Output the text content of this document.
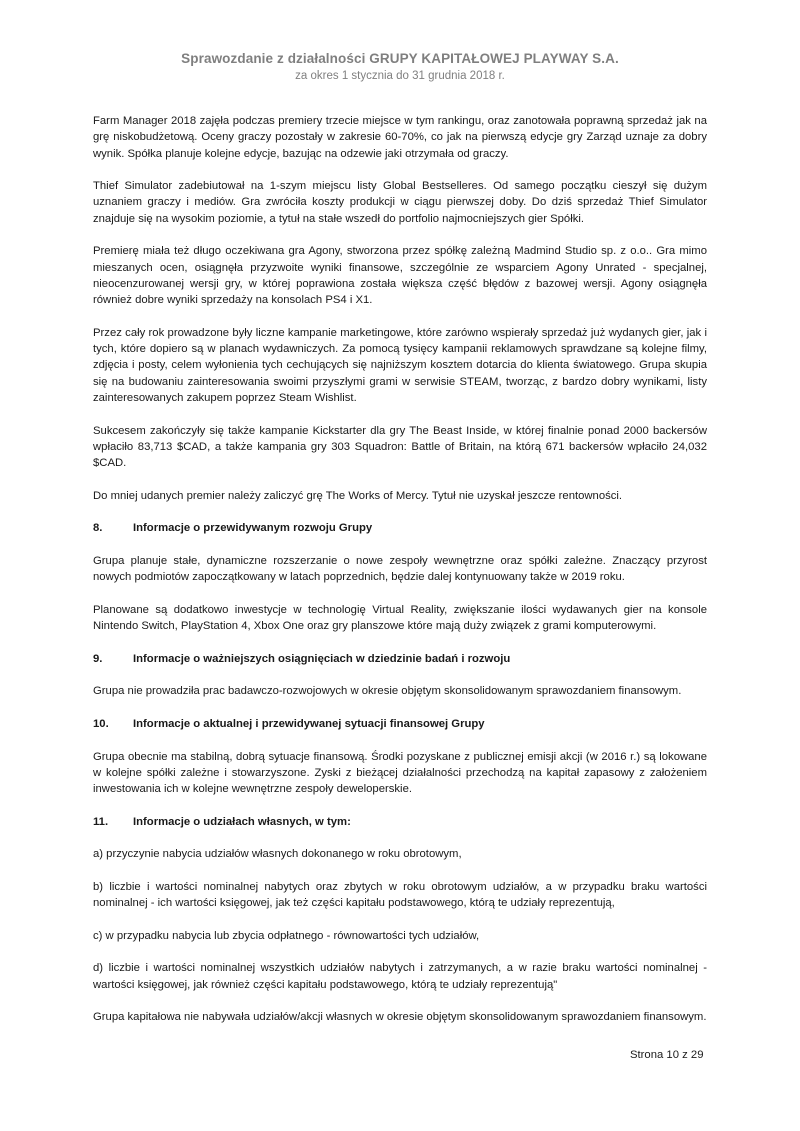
Sprawozdanie z działalności GRUPY KAPITAŁOWEJ PLAYWAY S.A.
za okres 1 stycznia do 31 grudnia 2018 r.

Farm Manager 2018 zajęła podczas premiery trzecie miejsce w tym rankingu, oraz zanotowała poprawną sprzedaż jak na grę niskobudżetową. Oceny graczy pozostały w zakresie 60-70%, co jak na pierwszą edycje gry Zarząd uznaje za dobry wynik. Spółka planuje kolejne edycje, bazując na odzewie jaki otrzymała od graczy.

Thief Simulator zadebiutował na 1-szym miejscu listy Global Bestselleres. Od samego początku cieszył się dużym uznaniem graczy i mediów. Gra zwróciła koszty produkcji w ciągu pierwszej doby. Do dziś sprzedaż Thief Simulator znajduje się na wysokim poziomie, a tytuł na stałe wszedł do portfolio najmocniejszych gier Spółki.

Premierę miała też długo oczekiwana gra Agony, stworzona przez spółkę zależną Madmind Studio sp. z o.o.. Gra mimo mieszanych ocen, osiągnęła przyzwoite wyniki finansowe, szczególnie ze wsparciem Agony Unrated - specjalnej, nieocenzurowanej wersji gry, w której poprawiona została większa część błędów z bazowej wersji. Agony osiągnęła również dobre wyniki sprzedaży na konsolach PS4 i X1.

Przez cały rok prowadzone były liczne kampanie marketingowe, które zarówno wspierały sprzedaż już wydanych gier, jak i tych, które dopiero są w planach wydawniczych. Za pomocą tysięcy kampanii reklamowych sprawdzane są kolejne filmy, zdjęcia i posty, celem wyłonienia tych cechujących się najniższym kosztem dotarcia do klienta światowego. Grupa skupia się na budowaniu zainteresowania swoimi przyszłymi grami w serwisie STEAM, tworząc, z bardzo dobry wynikami, listy zainteresowanych zakupem poprzez Steam Wishlist.

Sukcesem zakończyły się także kampanie Kickstarter dla gry The Beast Inside, w której finalnie ponad 2000 backersów wpłaciło 83,713 $CAD, a także kampania gry 303 Squadron: Battle of Britain, na którą 671 backersów wpłaciło 24,032 $CAD.

Do mniej udanych premier należy zaliczyć grę The Works of Mercy. Tytuł nie uzyskał jeszcze rentowności.

8.	Informacje o przewidywanym rozwoju Grupy

Grupa planuje stałe, dynamiczne rozszerzanie o nowe zespoły wewnętrzne oraz spółki zależne. Znaczący przyrost nowych podmiotów zapoczątkowany w latach poprzednich, będzie dalej kontynuowany także w 2019 roku.

Planowane są dodatkowo inwestycje w technologię Virtual Reality, zwiększanie ilości wydawanych gier na konsole Nintendo Switch, PlayStation 4, Xbox One oraz gry planszowe które mają duży związek z grami komputerowymi.

9.	Informacje o ważniejszych osiągnięciach w dziedzinie badań i rozwoju

Grupa nie prowadziła prac badawczo-rozwojowych w okresie objętym skonsolidowanym sprawozdaniem finansowym.

10.	Informacje o aktualnej i przewidywanej sytuacji finansowej Grupy

Grupa obecnie ma stabilną, dobrą sytuacje finansową. Środki pozyskane z publicznej emisji akcji (w 2016 r.) są lokowane w kolejne spółki zależne i stowarzyszone. Zyski z bieżącej działalności przechodzą na kapitał zapasowy z założeniem inwestowania ich w kolejne wewnętrzne zespoły deweloperskie.

11.	Informacje o udziałach własnych, w tym:

a) przyczynie nabycia udziałów własnych dokonanego w roku obrotowym,

b) liczbie i wartości nominalnej nabytych oraz zbytych w roku obrotowym udziałów, a w przypadku braku wartości nominalnej - ich wartości księgowej, jak też części kapitału podstawowego, którą te udziały reprezentują,

c) w przypadku nabycia lub zbycia odpłatnego - równowartości tych udziałów,

d) liczbie i wartości nominalnej wszystkich udziałów nabytych i zatrzymanych, a w razie braku wartości nominalnej - wartości księgowej, jak również części kapitału podstawowego, którą te udziały reprezentują"

Grupa kapitałowa nie nabywała udziałów/akcji własnych w okresie objętym skonsolidowanym sprawozdaniem finansowym.

Strona 10 z 29
